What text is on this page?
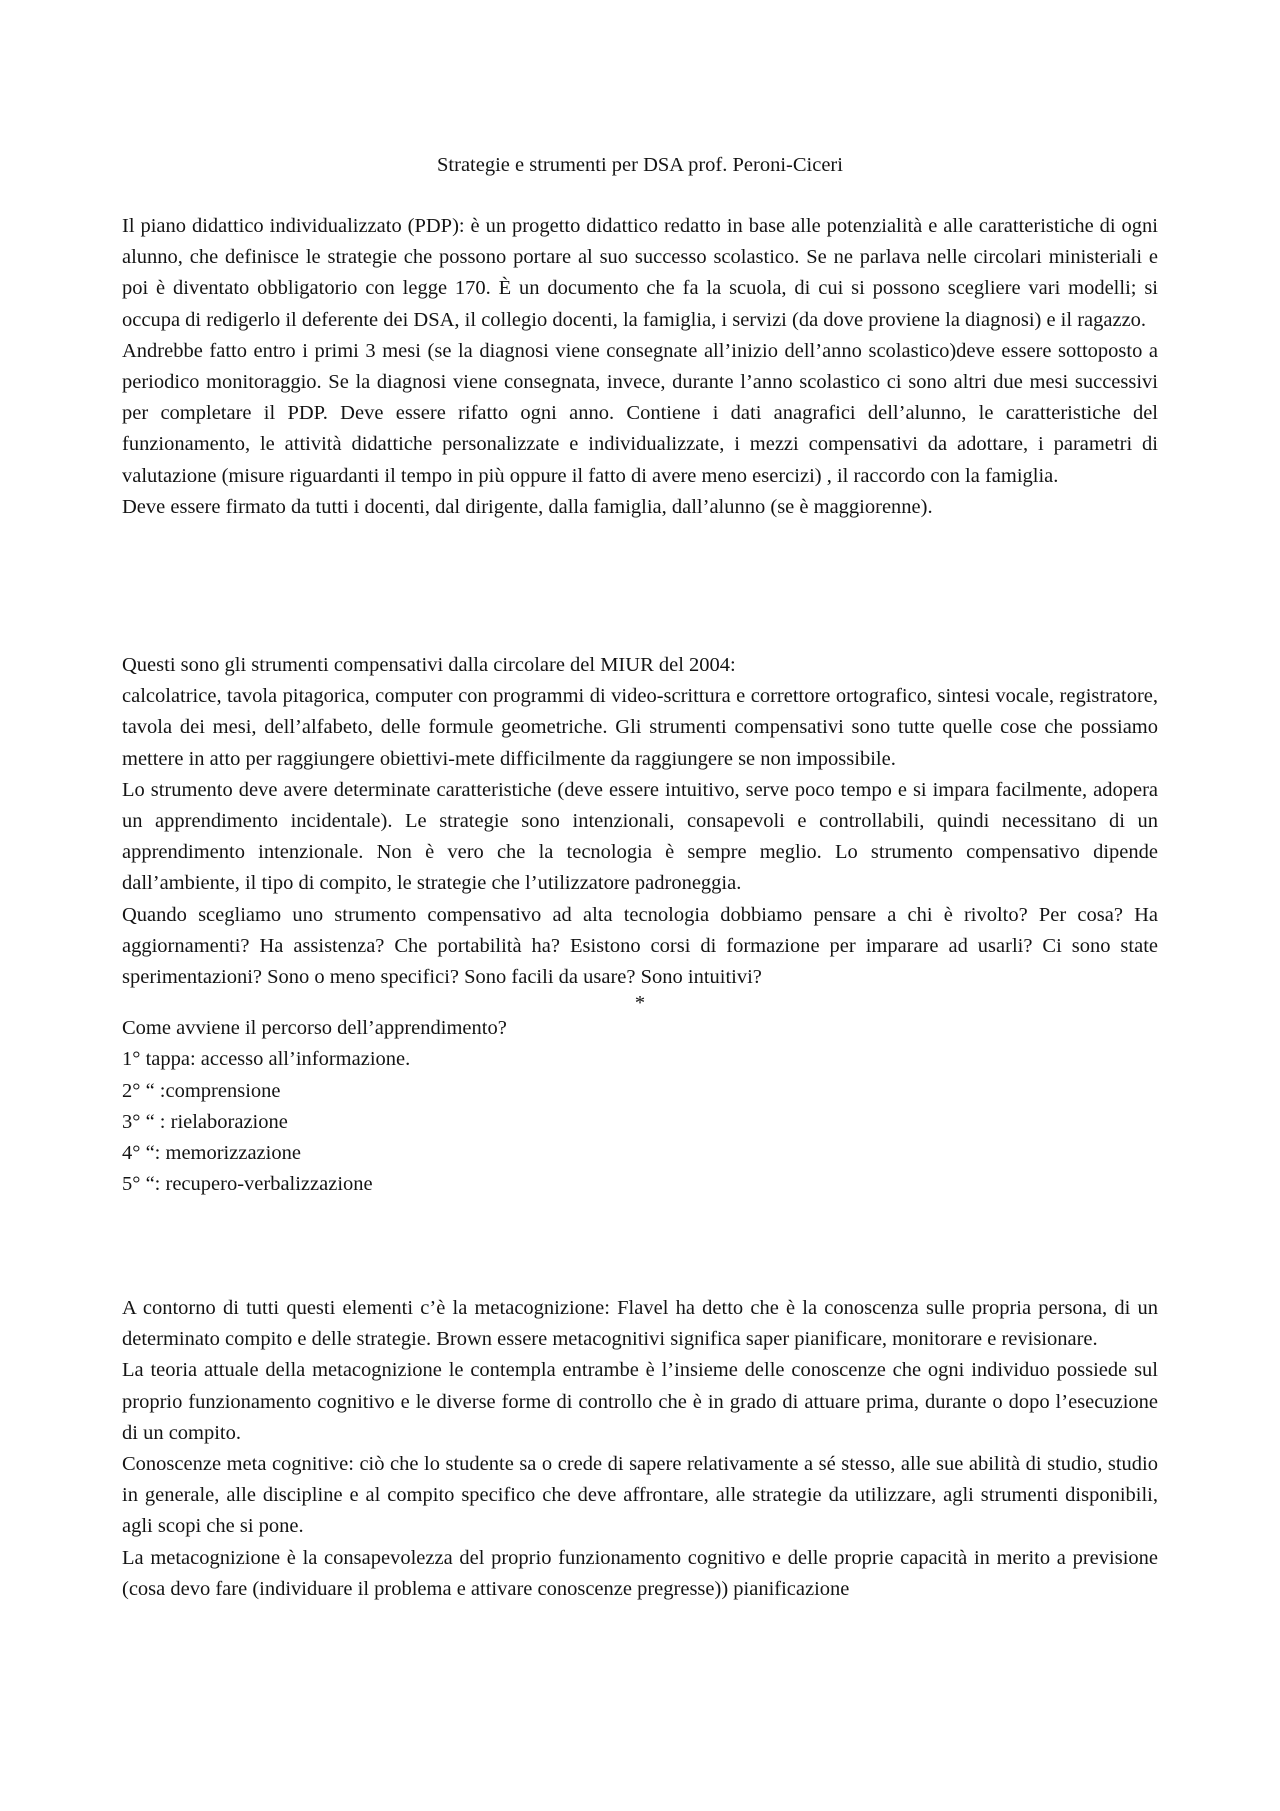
Strategie e strumenti per DSA prof. Peroni-Ciceri

Il piano didattico individualizzato (PDP): è un progetto didattico redatto in base alle potenzialità e alle caratteristiche di ogni alunno, che definisce le strategie che possono portare al suo successo scolastico. Se ne parlava nelle circolari ministeriali e poi è diventato obbligatorio con legge 170. È un documento che fa la scuola, di cui si possono scegliere vari modelli; si occupa di redigerlo il deferente dei DSA, il collegio docenti, la famiglia, i servizi (da dove proviene la diagnosi) e il ragazzo.

Andrebbe fatto entro i primi 3 mesi (se la diagnosi viene consegnate all’inizio dell’anno scolastico)deve essere sottoposto a periodico monitoraggio. Se la diagnosi viene consegnata, invece, durante l’anno scolastico ci sono altri due mesi successivi per completare il PDP. Deve essere rifatto ogni anno. Contiene i dati anagrafici dell’alunno, le caratteristiche del funzionamento, le attività didattiche personalizzate e individualizzate, i mezzi compensativi da adottare, i parametri di valutazione (misure riguardanti il tempo in più oppure il fatto di avere meno esercizi) , il raccordo con la famiglia.

Deve essere firmato da tutti i docenti, dal dirigente, dalla famiglia, dall’alunno (se è maggiorenne).

Questi sono gli strumenti compensativi dalla circolare del MIUR del 2004:

calcolatrice, tavola pitagorica, computer con programmi di video-scrittura e correttore ortografico, sintesi vocale, registratore, tavola dei mesi, dell’alfabeto, delle formule geometriche. Gli strumenti compensativi sono tutte quelle cose che possiamo mettere in atto per raggiungere obiettivi-mete difficilmente da raggiungere se non impossibile.

Lo strumento deve avere determinate caratteristiche (deve essere intuitivo, serve poco tempo e si impara facilmente, adopera un apprendimento incidentale). Le strategie sono intenzionali, consapevoli e controllabili, quindi necessitano di un apprendimento intenzionale. Non è vero che la tecnologia è sempre meglio. Lo strumento compensativo dipende dall’ambiente, il tipo di compito, le strategie che l’utilizzatore padroneggia.

Quando scegliamo uno strumento compensativo ad alta tecnologia dobbiamo pensare a chi è rivolto? Per cosa? Ha aggiornamenti? Ha assistenza? Che portabilità ha? Esistono corsi di formazione per imparare ad usarli? Ci sono state sperimentazioni? Sono o meno specifici? Sono facili da usare? Sono intuitivi?

*

Come avviene il percorso dell’apprendimento?

1° tappa: accesso all’informazione.

2° “ :comprensione

3° “ : rielaborazione

4° “: memorizzazione

5° “: recupero-verbalizzazione

A contorno di tutti questi elementi c’è la metacognizione: Flavel ha detto che è la conoscenza sulle propria persona, di un determinato compito e delle strategie. Brown essere metacognitivi significa saper pianificare, monitorare e revisionare.

La teoria attuale della metacognizione le contempla entrambe è l’insieme delle conoscenze che ogni individuo possiede sul proprio funzionamento cognitivo e le diverse forme di controllo che è in grado di attuare prima, durante o dopo l’esecuzione di un compito.

Conoscenze meta cognitive: ciò che lo studente sa o crede di sapere relativamente a sé stesso, alle sue abilità di studio, studio in generale, alle discipline e al compito specifico che deve affrontare, alle strategie da utilizzare, agli strumenti disponibili, agli scopi che si pone.

La metacognizione è la consapevolezza del proprio funzionamento cognitivo e delle proprie capacità in merito a previsione (cosa devo fare (individuare il problema e attivare conoscenze pregresse)) pianificazione
